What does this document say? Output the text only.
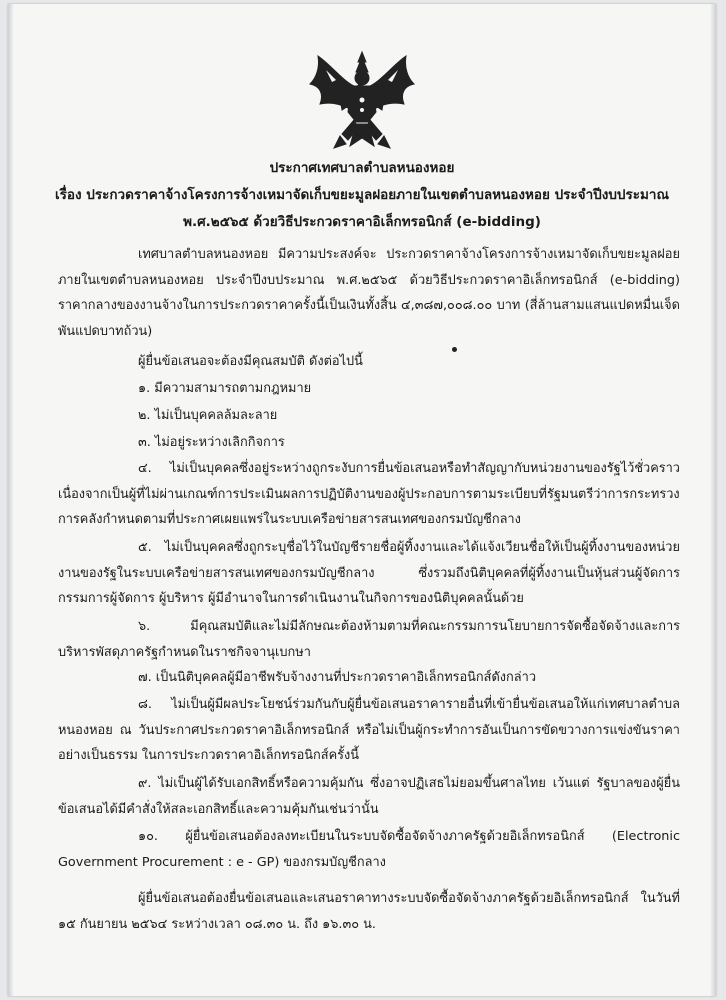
ประกาศเทศบาลตำบลหนองหอย
เรื่อง ประกวดราคาจ้างโครงการจ้างเหมาจัดเก็บขยะมูลฝอยภายในเขตตำบลหนองหอย ประจำปีงบประมาณ
พ.ศ.๒๕๖๕ ด้วยวิธีประกวดราคาอิเล็กทรอนิกส์ (e-bidding)
เทศบาลตำบลหนองหอย มีความประสงค์จะ ประกวดราคาจ้างโครงการจ้างเหมาจัดเก็บขยะมูลฝอยภายในเขตตำบลหนองหอย ประจำปีงบประมาณ พ.ศ.๒๕๖๕ ด้วยวิธีประกวดราคาอิเล็กทรอนิกส์ (e-bidding) ราคากลางของงานจ้างในการประกวดราคาครั้งนี้เป็นเงินทั้งสิ้น ๔,๓๘๗,๐๐๘.๐๐ บาท (สี่ล้านสามแสนแปดหมื่นเจ็ดพันแปดบาทถ้วน)
ผู้ยื่นข้อเสนอจะต้องมีคุณสมบัติ ดังต่อไปนี้
๑. มีความสามารถตามกฎหมาย
๒. ไม่เป็นบุคคลล้มละลาย
๓. ไม่อยู่ระหว่างเลิกกิจการ
๔. ไม่เป็นบุคคลซึ่งอยู่ระหว่างถูกระงับการยื่นข้อเสนอหรือทำสัญญากับหน่วยงานของรัฐไว้ชั่วคราว เนื่องจากเป็นผู้ที่ไม่ผ่านเกณฑ์การประเมินผลการปฏิบัติงานของผู้ประกอบการตามระเบียบที่รัฐมนตรีว่าการกระทรวงการคลังกำหนดตามที่ประกาศเผยแพร่ในระบบเครือข่ายสารสนเทศของกรมบัญชีกลาง
๕. ไม่เป็นบุคคลซึ่งถูกระบุชื่อไว้ในบัญชีรายชื่อผู้ทิ้งงานและได้แจ้งเวียนชื่อให้เป็นผู้ทิ้งงานของหน่วยงานของรัฐในระบบเครือข่ายสารสนเทศของกรมบัญชีกลาง ซึ่งรวมถึงนิติบุคคลที่ผู้ทิ้งงานเป็นหุ้นส่วนผู้จัดการ กรรมการผู้จัดการ ผู้บริหาร ผู้มีอำนาจในการดำเนินงานในกิจการของนิติบุคคลนั้นด้วย
๖. มีคุณสมบัติและไม่มีลักษณะต้องห้ามตามที่คณะกรรมการนโยบายการจัดซื้อจัดจ้างและการบริหารพัสดุภาครัฐกำหนดในราชกิจจานุเบกษา
๗. เป็นนิติบุคคลผู้มีอาชีพรับจ้างงานที่ประกวดราคาอิเล็กทรอนิกส์ดังกล่าว
๘. ไม่เป็นผู้มีผลประโยชน์ร่วมกันกับผู้ยื่นข้อเสนอราคารายอื่นที่เข้ายื่นข้อเสนอให้แก่เทศบาลตำบลหนองหอย ณ วันประกาศประกวดราคาอิเล็กทรอนิกส์ หรือไม่เป็นผู้กระทำการอันเป็นการขัดขวางการแข่งขันราคาอย่างเป็นธรรม ในการประกวดราคาอิเล็กทรอนิกส์ครั้งนี้
๙. ไม่เป็นผู้ได้รับเอกสิทธิ์หรือความคุ้มกัน ซึ่งอาจปฏิเสธไม่ยอมขึ้นศาลไทย เว้นแต่ รัฐบาลของผู้ยื่นข้อเสนอได้มีคำสั่งให้สละเอกสิทธิ์และความคุ้มกันเช่นว่านั้น
๑๐. ผู้ยื่นข้อเสนอต้องลงทะเบียนในระบบจัดซื้อจัดจ้างภาครัฐด้วยอิเล็กทรอนิกส์ (Electronic Government Procurement : e - GP) ของกรมบัญชีกลาง
ผู้ยื่นข้อเสนอต้องยื่นข้อเสนอและเสนอราคาทางระบบจัดซื้อจัดจ้างภาครัฐด้วยอิเล็กทรอนิกส์ ในวันที่ ๑๕ กันยายน ๒๕๖๔ ระหว่างเวลา ๐๘.๓๐ น. ถึง ๑๖.๓๐ น.
